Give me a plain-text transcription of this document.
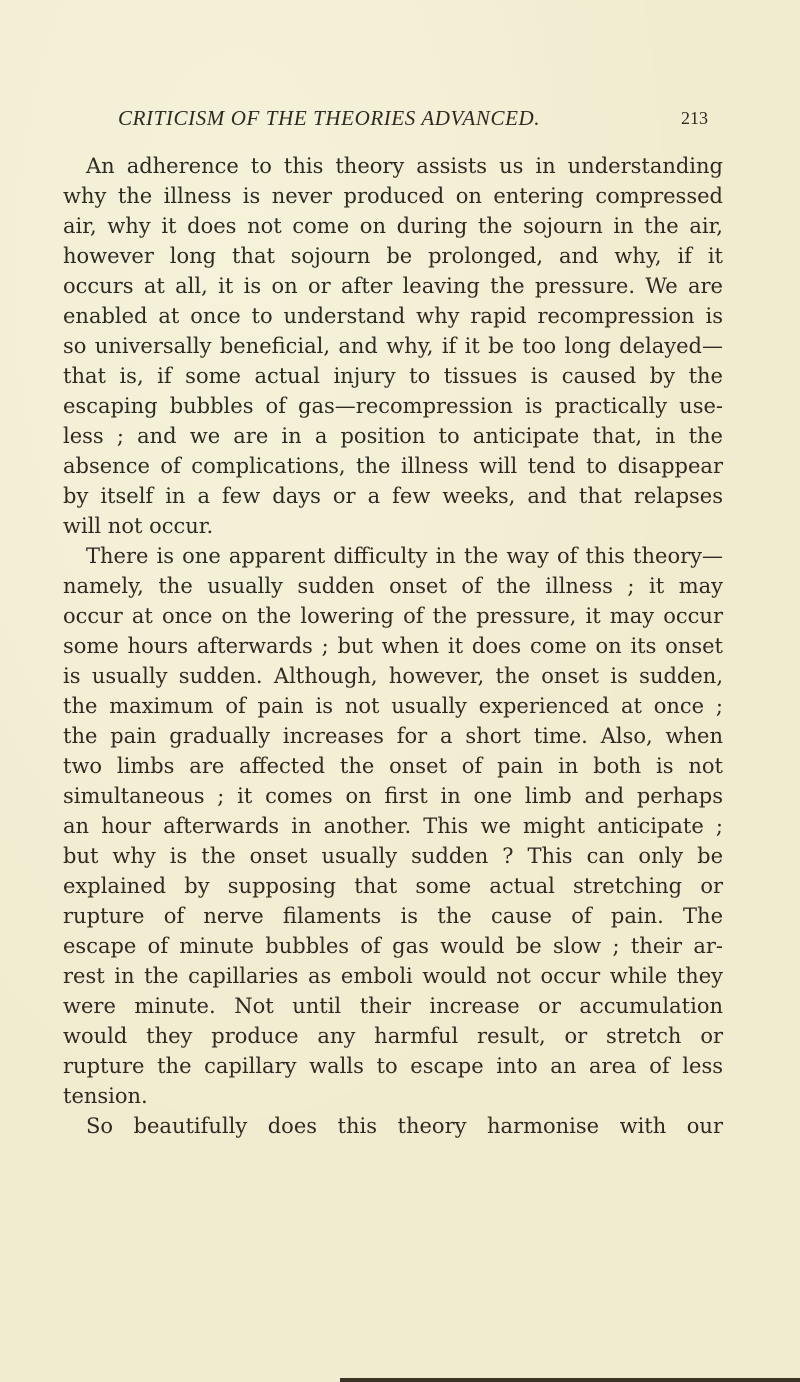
CRITICISM OF THE THEORIES ADVANCED.	213
An adherence to this theory assists us in understanding
why the illness is never produced on entering compressed
air, why it does not come on during the sojourn in the air,
however long that sojourn be prolonged, and why, if it
occurs at all, it is on or after leaving the pressure. We are
enabled at once to understand why rapid recompression is
so universally beneficial, and why, if it be too long delayed—
that is, if some actual injury to tissues is caused by the
escaping bubbles of gas—recompression is practically use-
less ; and we are in a position to anticipate that, in the
absence of complications, the illness will tend to disappear
by itself in a few days or a few weeks, and that relapses
will not occur.
There is one apparent difficulty in the way of this theory—
namely, the usually sudden onset of the illness ; it may
occur at once on the lowering of the pressure, it may occur
some hours afterwards ; but when it does come on its onset
is usually sudden. Although, however, the onset is sudden,
the maximum of pain is not usually experienced at once ;
the pain gradually increases for a short time. Also, when
two limbs are affected the onset of pain in both is not
simultaneous ; it comes on first in one limb and perhaps
an hour afterwards in another. This we might anticipate ;
but why is the onset usually sudden ? This can only be
explained by supposing that some actual stretching or
rupture of nerve filaments is the cause of pain. The
escape of minute bubbles of gas would be slow ; their ar-
rest in the capillaries as emboli would not occur while they
were minute. Not until their increase or accumulation
would they produce any harmful result, or stretch or
rupture the capillary walls to escape into an area of less
tension.
So beautifully does this theory harmonise with our
